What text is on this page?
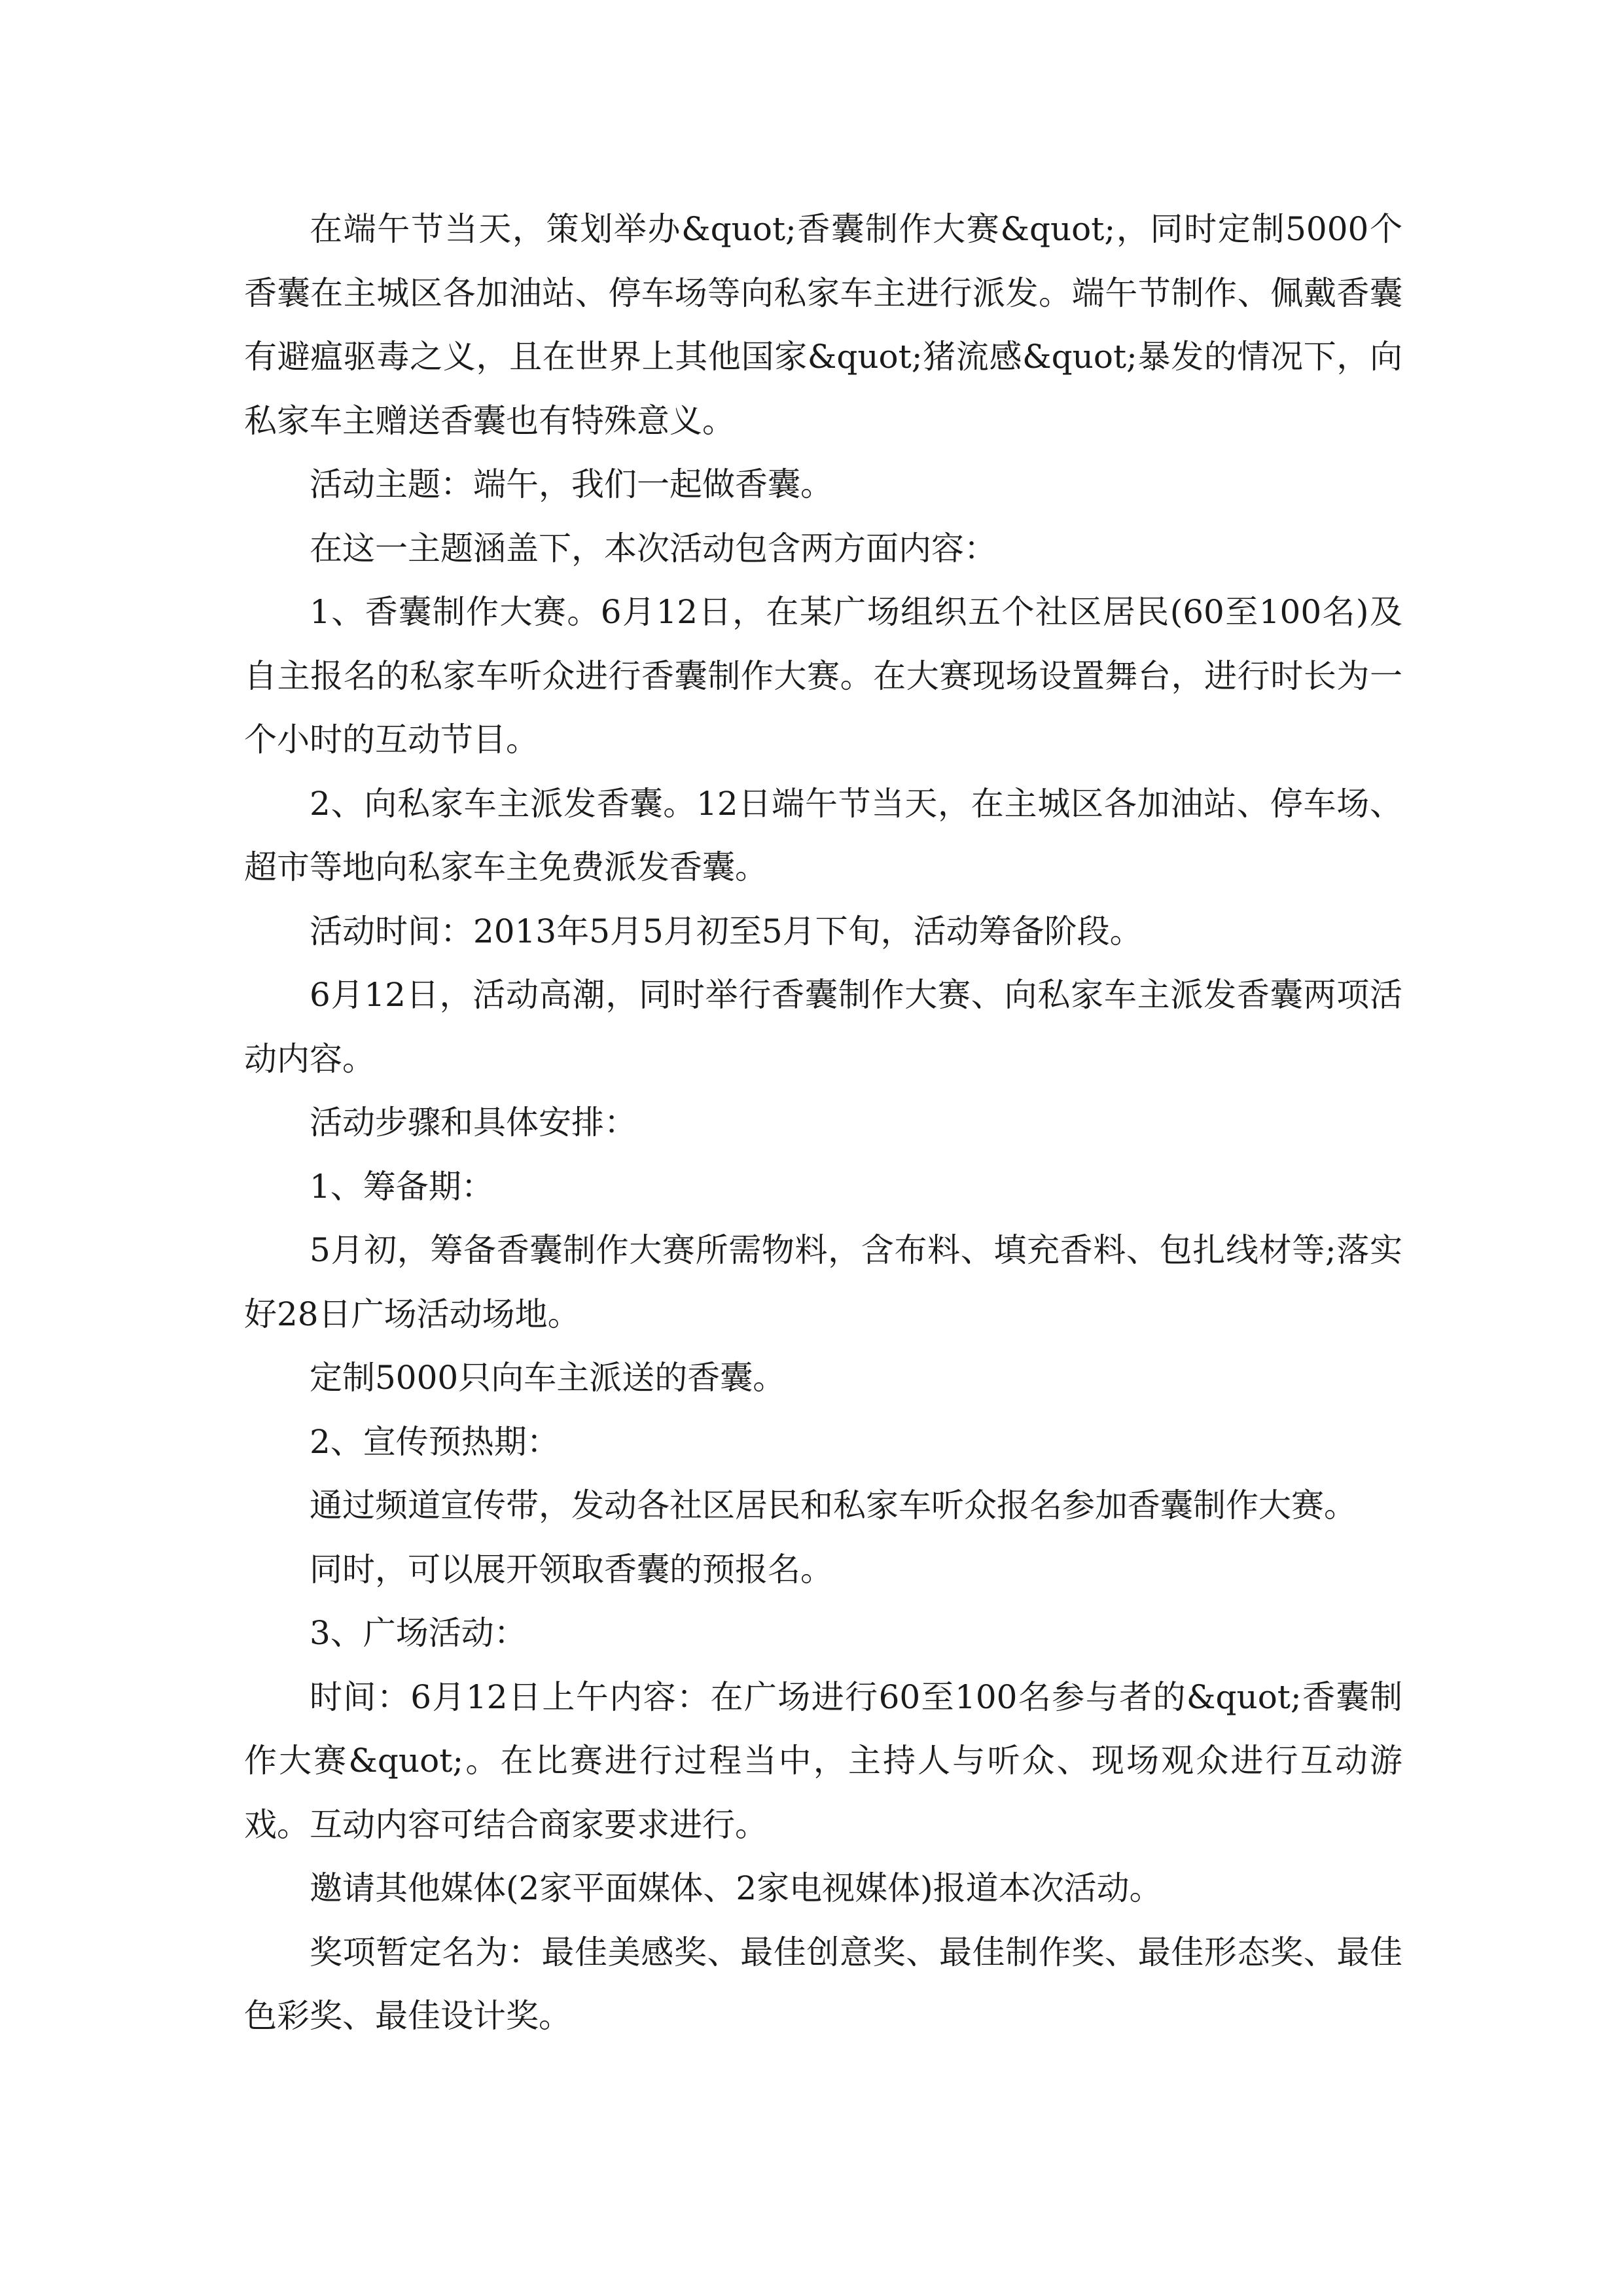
在端午节当天，策划举办&quot;香囊制作大赛&quot;，同时定制5000个香囊在主城区各加油站、停车场等向私家车主进行派发。端午节制作、佩戴香囊有避瘟驱毒之义，且在世界上其他国家&quot;猪流感&quot;暴发的情况下，向私家车主赠送香囊也有特殊意义。

活动主题：端午，我们一起做香囊。

在这一主题涵盖下，本次活动包含两方面内容：

1、香囊制作大赛。6月12日，在某广场组织五个社区居民(60至100名)及自主报名的私家车听众进行香囊制作大赛。在大赛现场设置舞台，进行时长为一个小时的互动节目。

2、向私家车主派发香囊。12日端午节当天，在主城区各加油站、停车场、超市等地向私家车主免费派发香囊。

活动时间：2013年5月5月初至5月下旬，活动筹备阶段。

6月12日，活动高潮，同时举行香囊制作大赛、向私家车主派发香囊两项活动内容。

活动步骤和具体安排：

1、筹备期：

5月初，筹备香囊制作大赛所需物料，含布料、填充香料、包扎线材等;落实好28日广场活动场地。

定制5000只向车主派送的香囊。

2、宣传预热期：

通过频道宣传带，发动各社区居民和私家车听众报名参加香囊制作大赛。

同时，可以展开领取香囊的预报名。

3、广场活动：

时间：6月12日上午内容：在广场进行60至100名参与者的&quot;香囊制作大赛&quot;。在比赛进行过程当中，主持人与听众、现场观众进行互动游戏。互动内容可结合商家要求进行。

邀请其他媒体(2家平面媒体、2家电视媒体)报道本次活动。

奖项暂定名为：最佳美感奖、最佳创意奖、最佳制作奖、最佳形态奖、最佳色彩奖、最佳设计奖。
